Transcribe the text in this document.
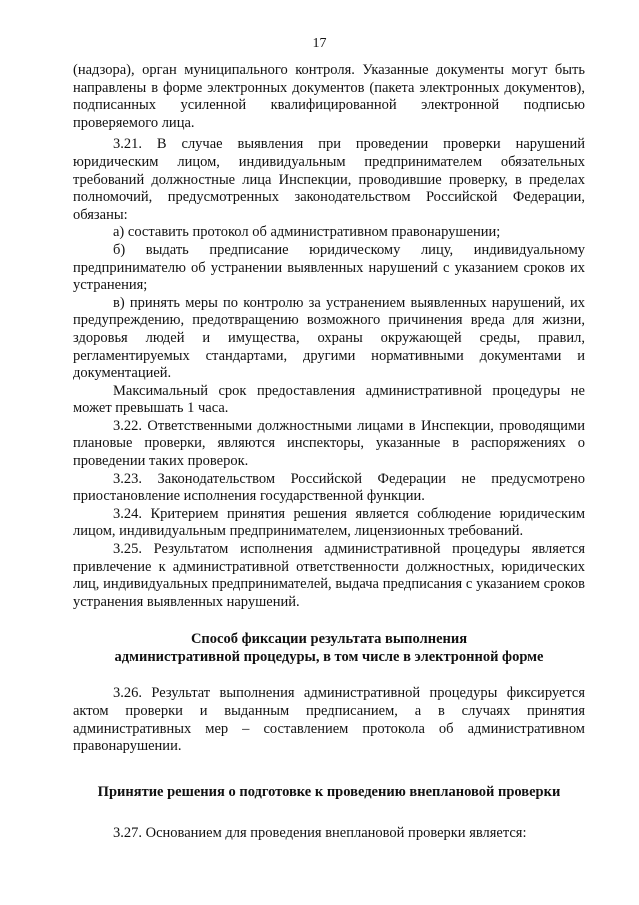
17

(надзора), орган муниципального контроля. Указанные документы могут быть направлены в форме электронных документов (пакета электронных документов), подписанных усиленной квалифицированной электронной подписью проверяемого лица.

3.21. В случае выявления при проведении проверки нарушений юридическим лицом, индивидуальным предпринимателем обязательных требований должностные лица Инспекции, проводившие проверку, в пределах полномочий, предусмотренных законодательством Российской Федерации, обязаны:

а) составить протокол об административном правонарушении;

б) выдать предписание юридическому лицу, индивидуальному предпринимателю об устранении выявленных нарушений с указанием сроков их устранения;

в) принять меры по контролю за устранением выявленных нарушений, их предупреждению, предотвращению возможного причинения вреда для жизни, здоровья людей и имущества, охраны окружающей среды, правил, регламентируемых стандартами, другими нормативными документами и документацией.

Максимальный срок предоставления административной процедуры не может превышать 1 часа.

3.22. Ответственными должностными лицами в Инспекции, проводящими плановые проверки, являются инспекторы, указанные в распоряжениях о проведении таких проверок.

3.23. Законодательством Российской Федерации не предусмотрено приостановление исполнения государственной функции.

3.24. Критерием принятия решения является соблюдение юридическим лицом, индивидуальным предпринимателем, лицензионных требований.

3.25. Результатом исполнения административной процедуры является привлечение к административной ответственности должностных, юридических лиц, индивидуальных предпринимателей, выдача предписания с указанием сроков устранения выявленных нарушений.

Способ фиксации результата выполнения
административной процедуры, в том числе в электронной форме

3.26. Результат выполнения административной процедуры фиксируется актом проверки и выданным предписанием, а в случаях принятия административных мер – составлением протокола об административном правонарушении.

Принятие решения о подготовке к проведению внеплановой проверки

3.27. Основанием для проведения внеплановой проверки является:
